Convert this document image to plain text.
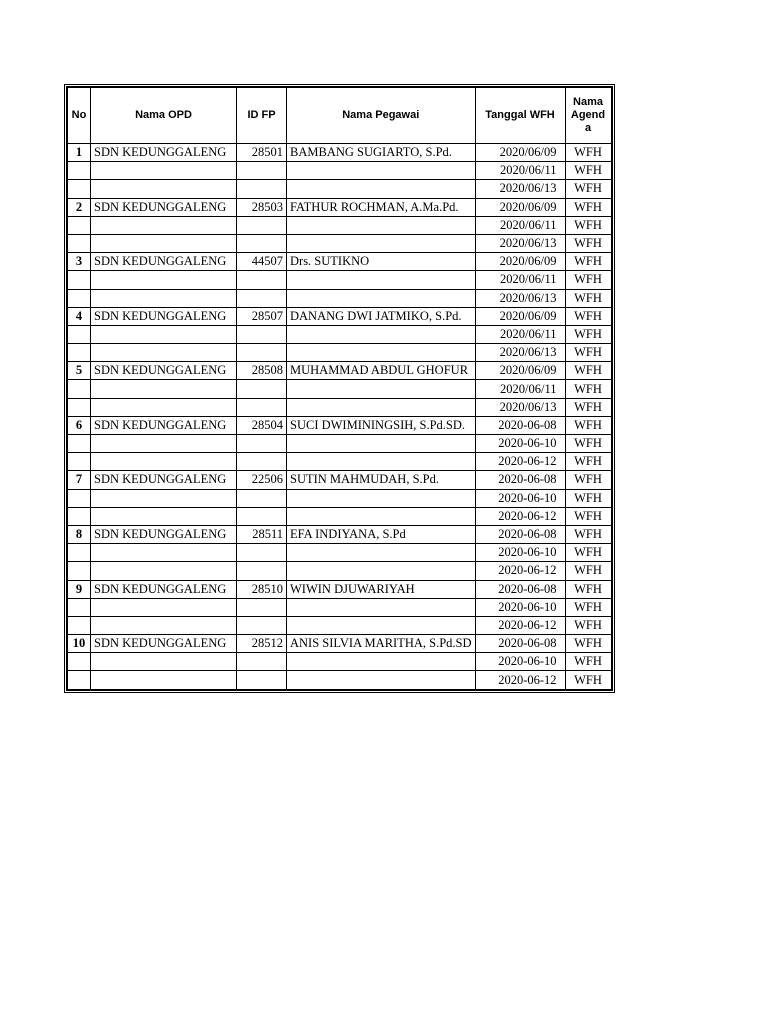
No	Nama OPD	ID FP	Nama Pegawai	Tanggal WFH	Nama Agend a
1	SDN KEDUNGGALENG	28501	BAMBANG SUGIARTO, S.Pd.	2020/06/09	WFH
				2020/06/11	WFH
				2020/06/13	WFH
2	SDN KEDUNGGALENG	28503	FATHUR ROCHMAN, A.Ma.Pd.	2020/06/09	WFH
				2020/06/11	WFH
				2020/06/13	WFH
3	SDN KEDUNGGALENG	44507	Drs. SUTIKNO	2020/06/09	WFH
				2020/06/11	WFH
				2020/06/13	WFH
4	SDN KEDUNGGALENG	28507	DANANG DWI JATMIKO, S.Pd.	2020/06/09	WFH
				2020/06/11	WFH
				2020/06/13	WFH
5	SDN KEDUNGGALENG	28508	MUHAMMAD ABDUL GHOFUR	2020/06/09	WFH
				2020/06/11	WFH
				2020/06/13	WFH
6	SDN KEDUNGGALENG	28504	SUCI DWIMININGSIH, S.Pd.SD.	2020-06-08	WFH
				2020-06-10	WFH
				2020-06-12	WFH
7	SDN KEDUNGGALENG	22506	SUTIN MAHMUDAH, S.Pd.	2020-06-08	WFH
				2020-06-10	WFH
				2020-06-12	WFH
8	SDN KEDUNGGALENG	28511	EFA INDIYANA, S.Pd	2020-06-08	WFH
				2020-06-10	WFH
				2020-06-12	WFH
9	SDN KEDUNGGALENG	28510	WIWIN DJUWARIYAH	2020-06-08	WFH
				2020-06-10	WFH
				2020-06-12	WFH
10	SDN KEDUNGGALENG	28512	ANIS SILVIA MARITHA, S.Pd.SD	2020-06-08	WFH
				2020-06-10	WFH
				2020-06-12	WFH
